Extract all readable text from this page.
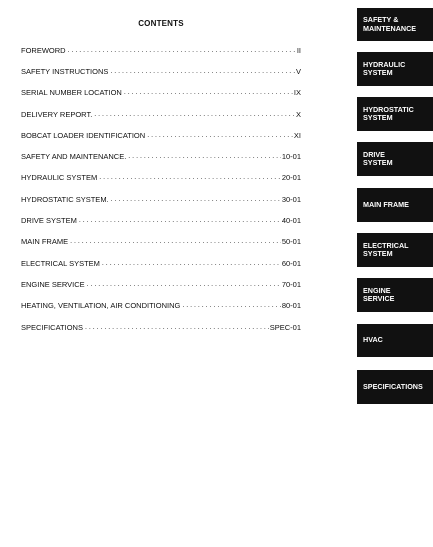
CONTENTS
FOREWORD . . .	II
SAFETY INSTRUCTIONS . . .	V
SERIAL NUMBER LOCATION . . .	IX
DELIVERY REPORT. . . .	X
BOBCAT LOADER IDENTIFICATION . . .	XI
SAFETY AND MAINTENANCE. . . .	10-01
HYDRAULIC SYSTEM . . .	20-01
HYDROSTATIC SYSTEM. . . .	30-01
DRIVE SYSTEM . . .	40-01
MAIN FRAME . . .	50-01
ELECTRICAL SYSTEM . . .	60-01
ENGINE SERVICE . . .	70-01
HEATING, VENTILATION, AIR CONDITIONING . . .	80-01
SPECIFICATIONS . . .	SPEC-01
SAFETY &
MAINTENANCE
HYDRAULIC
SYSTEM
HYDROSTATIC
SYSTEM
DRIVE
SYSTEM
MAIN FRAME
ELECTRICAL
SYSTEM
ENGINE
SERVICE
HVAC
SPECIFICATIONS
